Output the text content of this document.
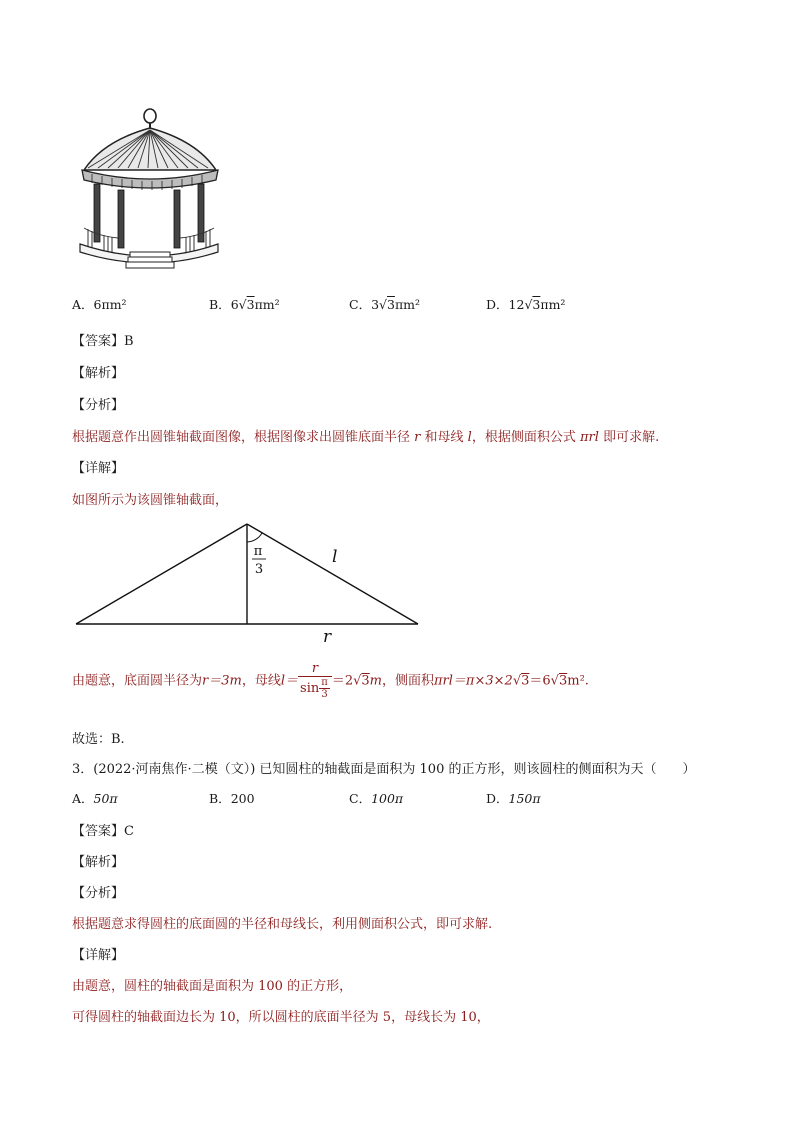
A．6πm²	B．6√3πm²	C．3√3πm²	D．12√3πm²
【答案】B
【解析】
【分析】
根据题意作出圆锥轴截面图像，根据图像求出圆锥底面半径 r 和母线 l，根据侧面积公式 πrl 即可求解.
【详解】
如图所示为该圆锥轴截面，
π
3
l
r
由题意，底面圆半径为r＝3m，母线$l= \frac{r}{\sin \frac{\pi}{3}} =2√3m$，侧面积πrl＝π×3×2√3＝6√3m².
故选：B.
3．(2022·河南焦作·二模（文）) 已知圆柱的轴截面是面积为 100 的正方形，则该圆柱的侧面积为天（　　）
A．50π	B．200	C．100π	D．150π
【答案】C
【解析】
【分析】
根据题意求得圆柱的底面圆的半径和母线长，利用侧面积公式，即可求解.
【详解】
由题意，圆柱的轴截面是面积为 100 的正方形，
可得圆柱的轴截面边长为 10，所以圆柱的底面半径为 5，母线长为 10，
